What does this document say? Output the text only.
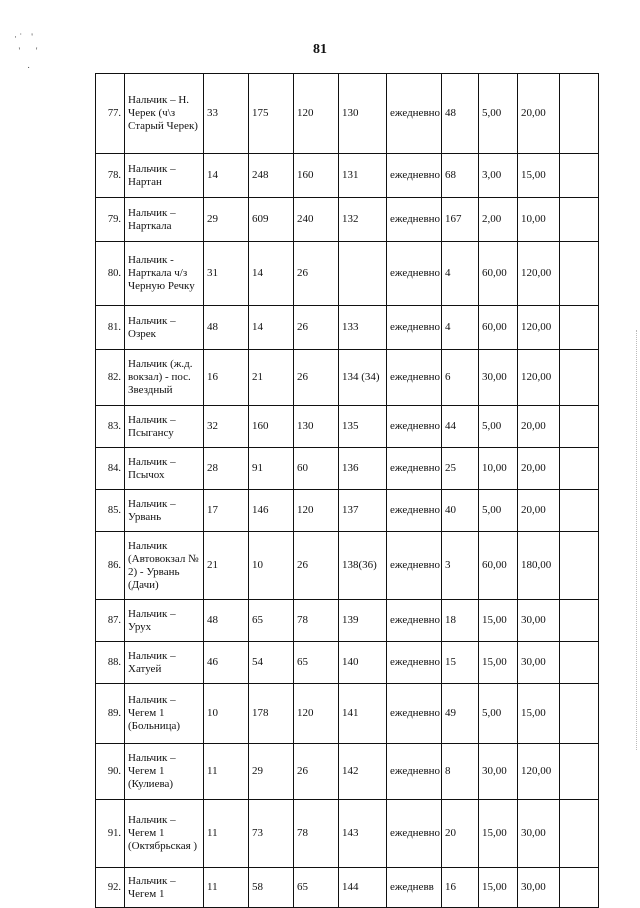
· ˙    '
'       '
.
81
77.	Нальчик – Н. Черек (ч\з Старый Черек)	33	175	120	130	ежедневно	48	5,00	20,00	
78.	Нальчик – Нартан	14	248	160	131	ежедневно	68	3,00	15,00	
79.	Нальчик – Нарткала	29	609	240	132	ежедневно	167	2,00	10,00	
80.	Нальчик - Нарткала ч/з Черную Речку	31	14	26		ежедневно	4	60,00	120,00	
81.	Нальчик – Озрек	48	14	26	133	ежедневно	4	60,00	120,00	
82.	Нальчик (ж.д. вокзал) - пос. Звездный	16	21	26	134 (34)	ежедневно	6	30,00	120,00	
83.	Нальчик – Псыгансу	32	160	130	135	ежедневно	44	5,00	20,00	
84.	Нальчик – Псычох	28	91	60	136	ежедневно	25	10,00	20,00	
85.	Нальчик – Урвань	17	146	120	137	ежедневно	40	5,00	20,00	
86.	Нальчик (Автовокзал № 2) - Урвань (Дачи)	21	10	26	138(36)	ежедневно	3	60,00	180,00	
87.	Нальчик – Урух	48	65	78	139	ежедневно	18	15,00	30,00	
88.	Нальчик – Хатуей	46	54	65	140	ежедневно	15	15,00	30,00	
89.	Нальчик – Чегем 1 (Больница)	10	178	120	141	ежедневно	49	5,00	15,00	
90.	Нальчик – Чегем 1 (Кулиева)	11	29	26	142	ежедневно	8	30,00	120,00	
91.	Нальчик – Чегем 1 (Октябрьская )	11	73	78	143	ежедневно	20	15,00	30,00	
92.	Нальчик – Чегем 1	11	58	65	144	ежедневв	16	15,00	30,00	
